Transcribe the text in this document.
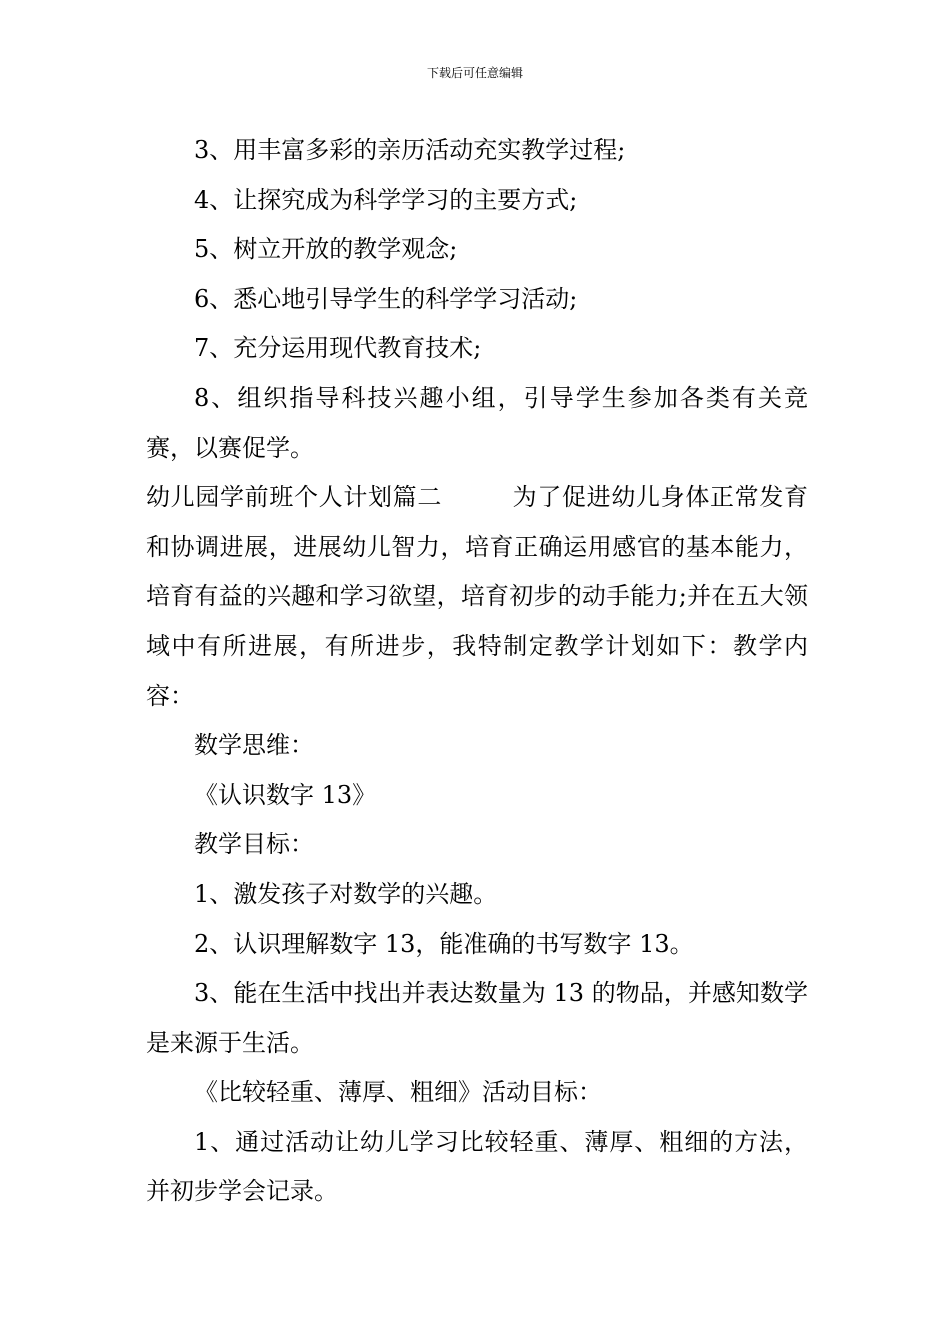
下载后可任意编辑

3、用丰富多彩的亲历活动充实教学过程;

4、让探究成为科学学习的主要方式;

5、树立开放的教学观念;

6、悉心地引导学生的科学学习活动;

7、充分运用现代教育技术;

8、组织指导科技兴趣小组，引导学生参加各类有关竞赛，以赛促学。

幼儿园学前班个人计划篇二	为了促进幼儿身体正常发育和协调进展，进展幼儿智力，培育正确运用感官的基本能力，培育有益的兴趣和学习欲望，培育初步的动手能力;并在五大领域中有所进展，有所进步，我特制定教学计划如下：教学内容：

数学思维：

《认识数字 13》

教学目标：

1、激发孩子对数学的兴趣。

2、认识理解数字 13，能准确的书写数字 13。

3、能在生活中找出并表达数量为 13 的物品，并感知数学是来源于生活。

《比较轻重、薄厚、粗细》活动目标：

1、通过活动让幼儿学习比较轻重、薄厚、粗细的方法，并初步学会记录。
